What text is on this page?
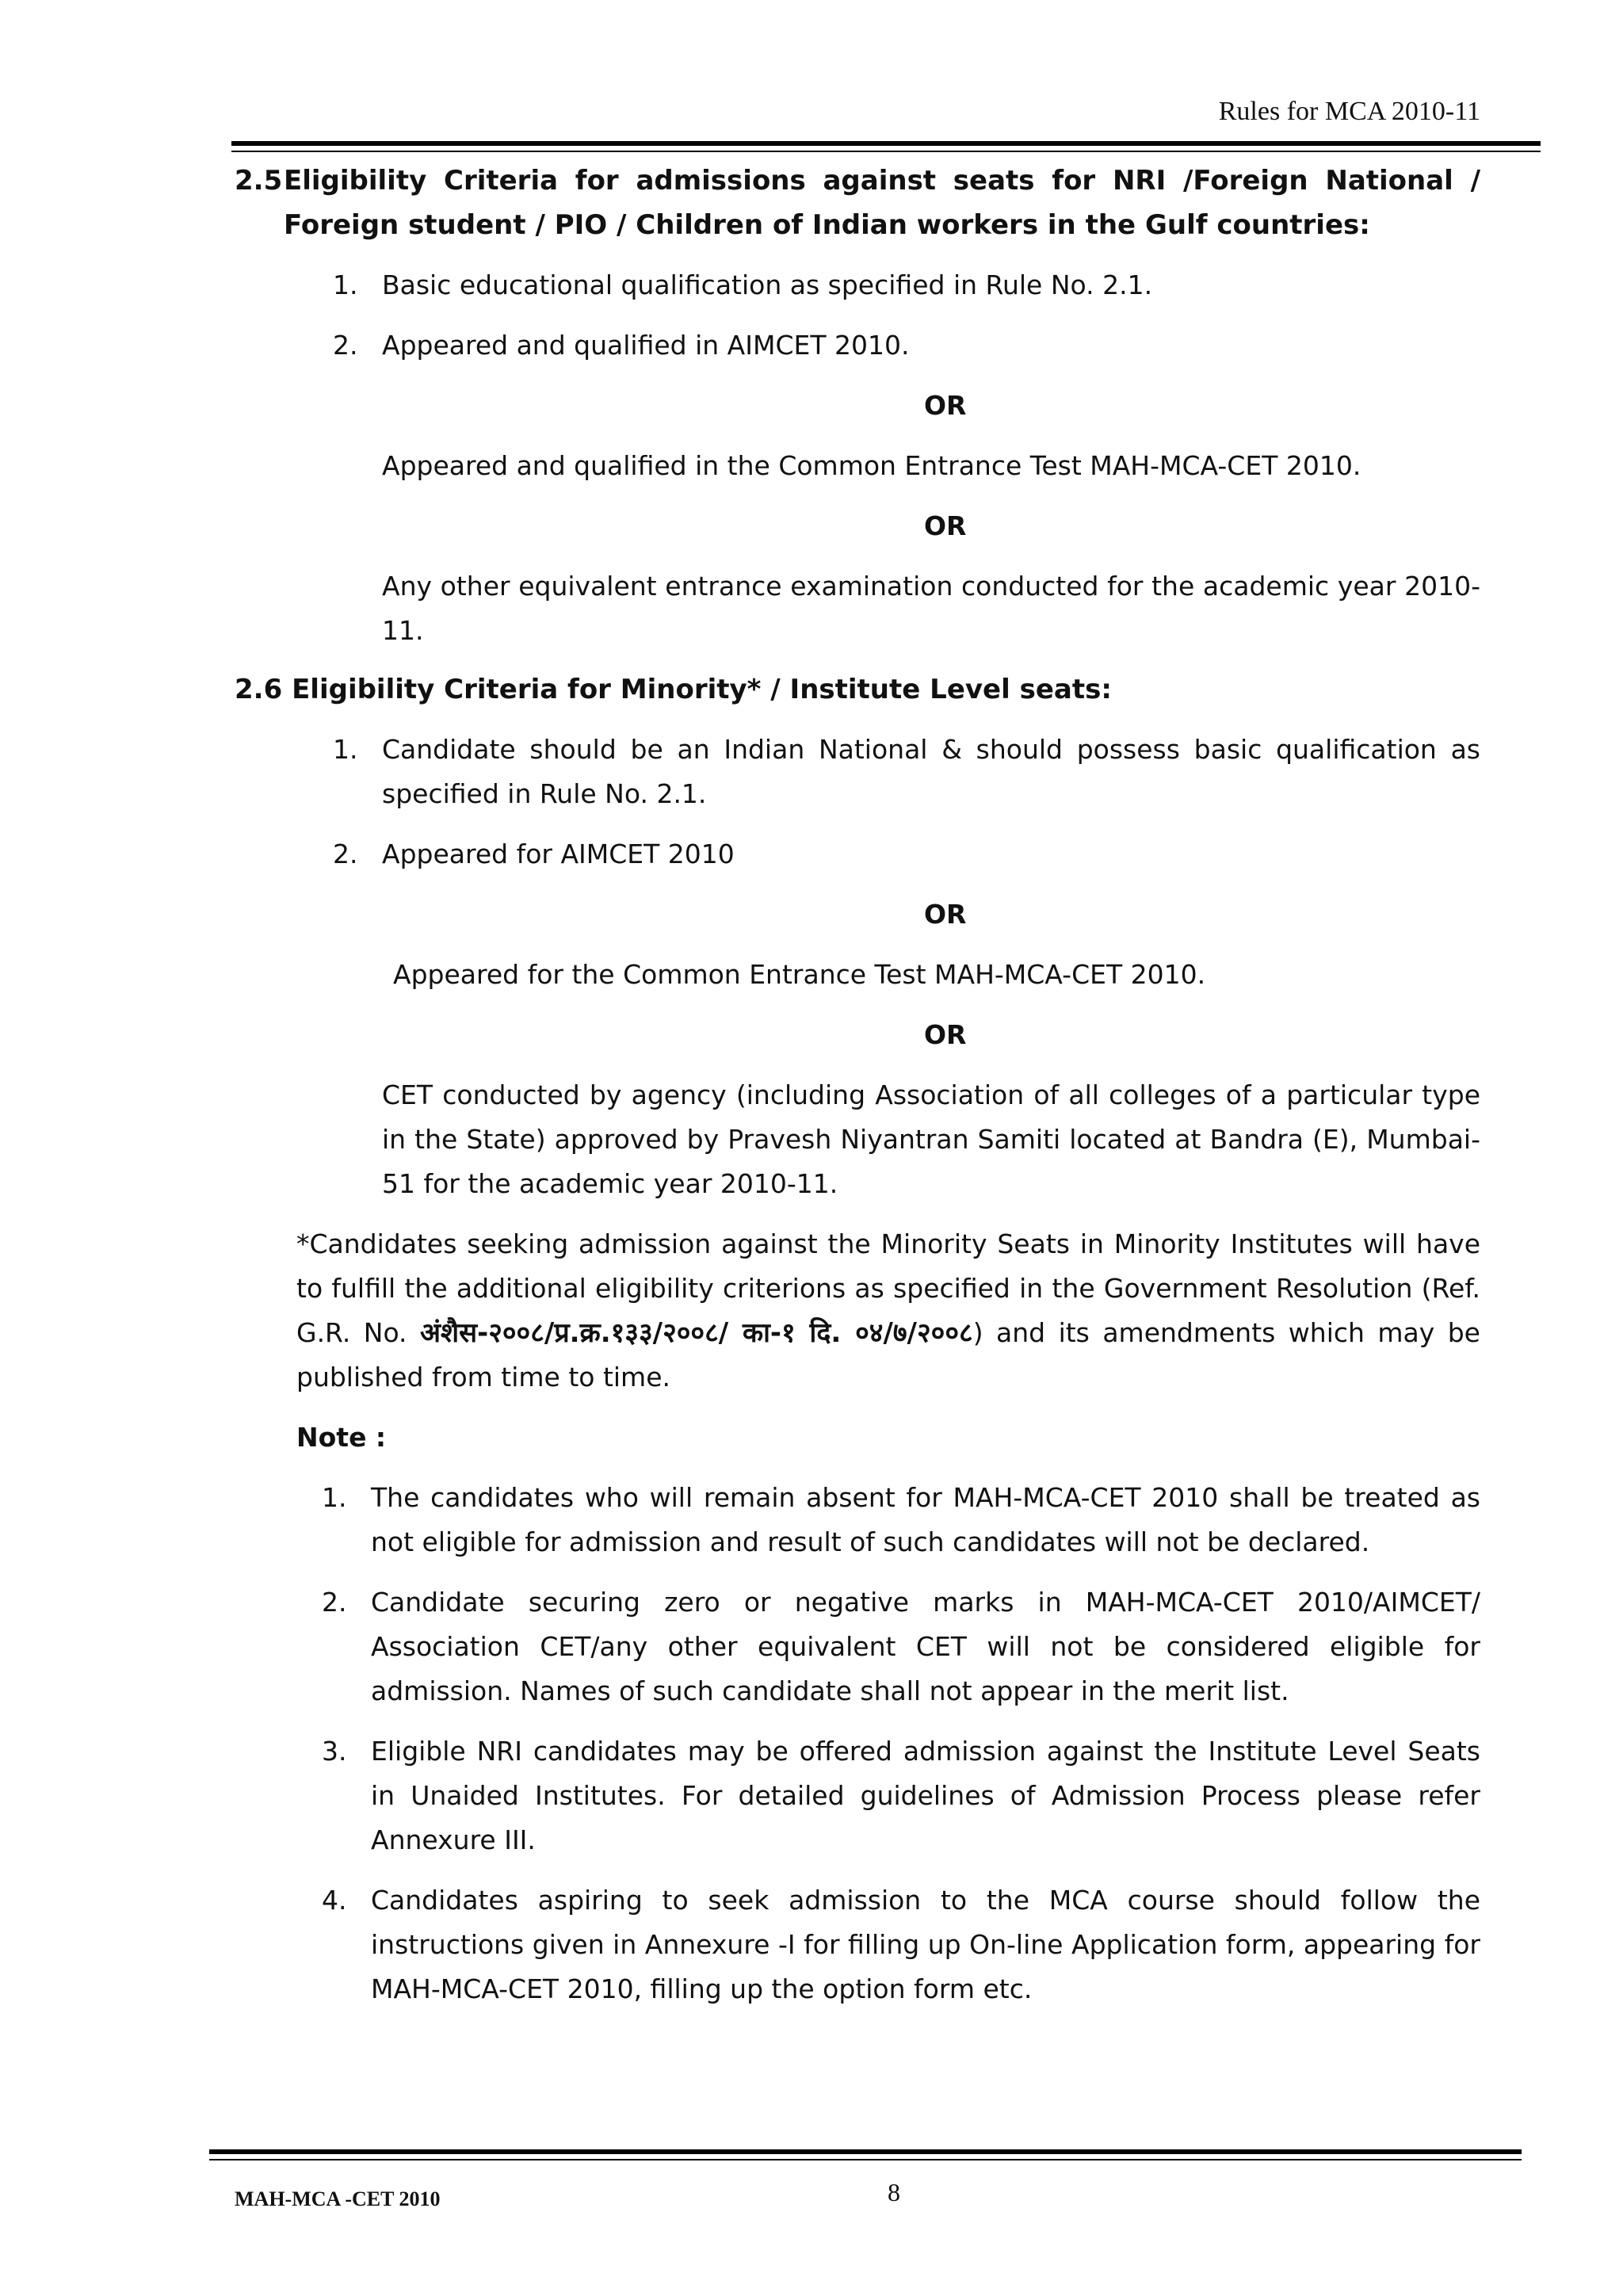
Rules for MCA 2010-11
2.5 Eligibility Criteria for admissions against seats for NRI /Foreign National / Foreign student / PIO / Children of Indian workers in the Gulf countries:
1. Basic educational qualification as specified in Rule No. 2.1.
2. Appeared and qualified in AIMCET 2010.
OR
Appeared and qualified in the Common Entrance Test MAH-MCA-CET 2010.
OR
Any other equivalent entrance examination conducted for the academic year 2010-11.
2.6 Eligibility Criteria for Minority* / Institute Level seats:
1. Candidate should be an Indian National & should possess basic qualification as specified in Rule No. 2.1.
2. Appeared for AIMCET 2010
OR
Appeared for the Common Entrance Test MAH-MCA-CET 2010.
OR
CET conducted by agency (including Association of all colleges of a particular type in the State) approved by Pravesh Niyantran Samiti located at Bandra (E), Mumbai-51 for the academic year 2010-11.
*Candidates seeking admission against the Minority Seats in Minority Institutes will have to fulfill the additional eligibility criterions as specified in the Government Resolution (Ref. G.R. No. अंशैस-२००८/प्र.क्र.१३३/२००८/ का-१ दि. ०४/७/२००८) and its amendments which may be published from time to time.
Note :
1. The candidates who will remain absent for MAH-MCA-CET 2010 shall be treated as not eligible for admission and result of such candidates will not be declared.
2. Candidate securing zero or negative marks in MAH-MCA-CET 2010/AIMCET/ Association CET/any other equivalent CET will not be considered eligible for admission. Names of such candidate shall not appear in the merit list.
3. Eligible NRI candidates may be offered admission against the Institute Level Seats in Unaided Institutes. For detailed guidelines of Admission Process please refer Annexure III.
4. Candidates aspiring to seek admission to the MCA course should follow the instructions given in Annexure -I for filling up On-line Application form, appearing for MAH-MCA-CET 2010, filling up the option form etc.
MAH-MCA -CET 2010	8
